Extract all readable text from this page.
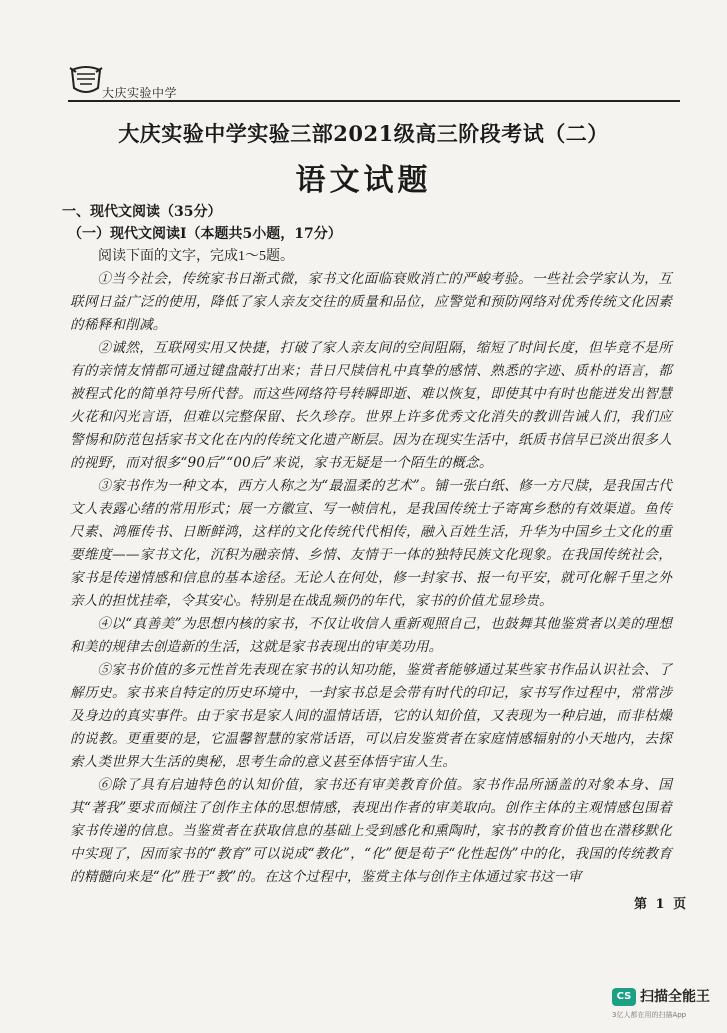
大庆实验中学
大庆实验中学实验三部2021级高三阶段考试（二）
语文试题
一、现代文阅读（35分）
（一）现代文阅读Ⅰ（本题共5小题，17分）
阅读下面的文字，完成1～5题。

①当今社会，传统家书日渐式微，家书文化面临衰败消亡的严峻考验。一些社会学家认为，互联网日益广泛的使用，降低了家人亲友交往的质量和品位，应警觉和预防网络对优秀传统文化因素的稀释和削减。

②诚然，互联网实用又快捷，打破了家人亲友间的空间阻隔，缩短了时间长度，但毕竟不是所有的亲情友情都可通过键盘敲打出来；昔日尺牍信札中真挚的感情、熟悉的字迹、质朴的语言，都被程式化的简单符号所代替。而这些网络符号转瞬即逝、难以恢复，即使其中有时也能迸发出智慧火花和闪光言语，但难以完整保留、长久珍存。世界上许多优秀文化消失的教训告诫人们，我们应警惕和防范包括家书文化在内的传统文化遗产断层。因为在现实生活中，纸质书信早已淡出很多人的视野，而对很多“90后”“00后”来说，家书无疑是一个陌生的概念。

③家书作为一种文本，西方人称之为“最温柔的艺术”。铺一张白纸、修一方尺牍，是我国古代文人表露心绪的常用形式；展一方徽宣、写一帧信札，是我国传统士子寄寓乡愁的有效渠道。鱼传尺素、鸿雁传书、日断鲜鸿，这样的文化传统代代相传，融入百姓生活，升华为中国乡土文化的重要维度——家书文化，沉积为融亲情、乡情、友情于一体的独特民族文化现象。在我国传统社会，家书是传递情感和信息的基本途径。无论人在何处，修一封家书、报一句平安，就可化解千里之外亲人的担忧挂牵，令其安心。特别是在战乱频仍的年代，家书的价值尤显珍贵。

④以“真善美”为思想内核的家书，不仅让收信人重新观照自己，也鼓舞其他鉴赏者以美的理想和美的规律去创造新的生活，这就是家书表现出的审美功用。

⑤家书价值的多元性首先表现在家书的认知功能，鉴赏者能够通过某些家书作品认识社会、了解历史。家书来自特定的历史环境中，一封家书总是会带有时代的印记，家书写作过程中，常常涉及身边的真实事件。由于家书是家人间的温情话语，它的认知价值，又表现为一种启迪，而非枯燥的说教。更重要的是，它温馨智慧的家常话语，可以启发鉴赏者在家庭情感辐射的小天地内，去探索人类世界大生活的奥秘，思考生命的意义甚至体悟宇宙人生。

⑥除了具有启迪特色的认知价值，家书还有审美教育价值。家书作品所涵盖的对象本身、国其“著我”要求而倾注了创作主体的思想情感，表现出作者的审美取向。创作主体的主观情感包围着家书传递的信息。当鉴赏者在获取信息的基础上受到感化和熏陶时，家书的教育价值也在潜移默化中实现了，因而家书的“教育”可以说成“教化”，“化”便是荀子“化性起伪”中的化，我国的传统教育的精髓向来是“化”胜于“教”的。在这个过程中，鉴赏主体与创作主体通过家书这一审

第 1 页
CS 扫描全能王
3亿人都在用的扫描App
